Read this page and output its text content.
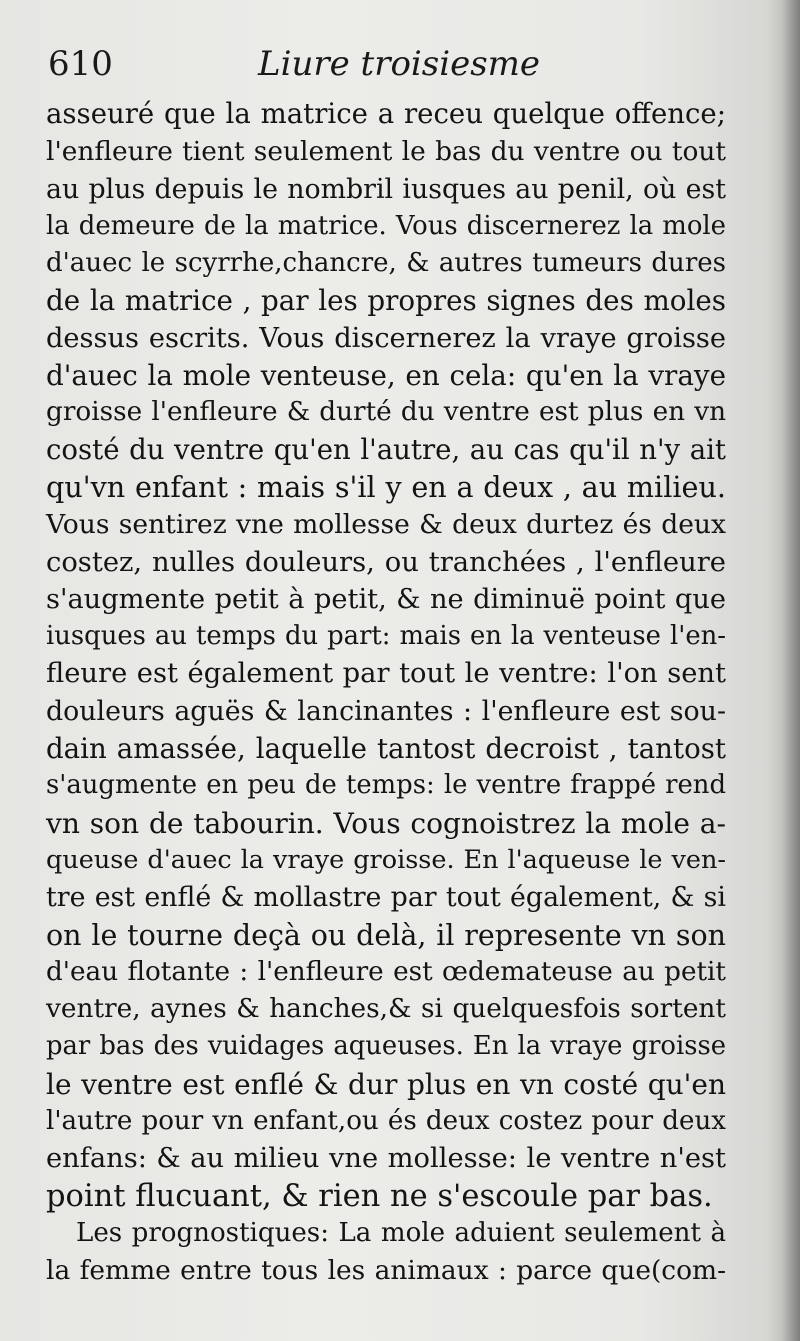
610	Liure troisiesme
asseuré que la matrice a receu quelque offence;
l'enfleure tient seulement le bas du ventre ou tout
au plus depuis le nombril iusques au penil, où est
la demeure de la matrice. Vous discernerez la mole
d'auec le scyrrhe,chancre, & autres tumeurs dures
de la matrice , par les propres signes des moles
dessus escrits. Vous discernerez la vraye groisse
d'auec la mole venteuse, en cela: qu'en la vraye
groisse l'enfleure & durté du ventre est plus en vn
costé du ventre qu'en l'autre, au cas qu'il n'y ait
qu'vn enfant : mais s'il y en a deux , au milieu.
Vous sentirez vne mollesse & deux durtez és deux
costez, nulles douleurs, ou tranchées , l'enfleure
s'augmente petit à petit, & ne diminuë point que
iusques au temps du part: mais en la venteuse l'en-
fleure est également par tout le ventre: l'on sent
douleurs aguës & lancinantes : l'enfleure est sou-
dain amassée, laquelle tantost decroist , tantost
s'augmente en peu de temps: le ventre frappé rend
vn son de tabourin. Vous cognoistrez la mole a-
queuse d'auec la vraye groisse. En l'aqueuse le ven-
tre est enflé & mollastre par tout également, & si
on le tourne deçà ou delà, il represente vn son
d'eau flotante : l'enfleure est œdemateuse au petit
ventre, aynes & hanches,& si quelquesfois sortent
par bas des vuidages aqueuses. En la vraye groisse
le ventre est enflé & dur plus en vn costé qu'en
l'autre pour vn enfant,ou és deux costez pour deux
enfans: & au milieu vne mollesse: le ventre n'est
point flucuant, & rien ne s'escoule par bas.
Les prognostiques: La mole aduient seulement à
la femme entre tous les animaux : parce que(com-
